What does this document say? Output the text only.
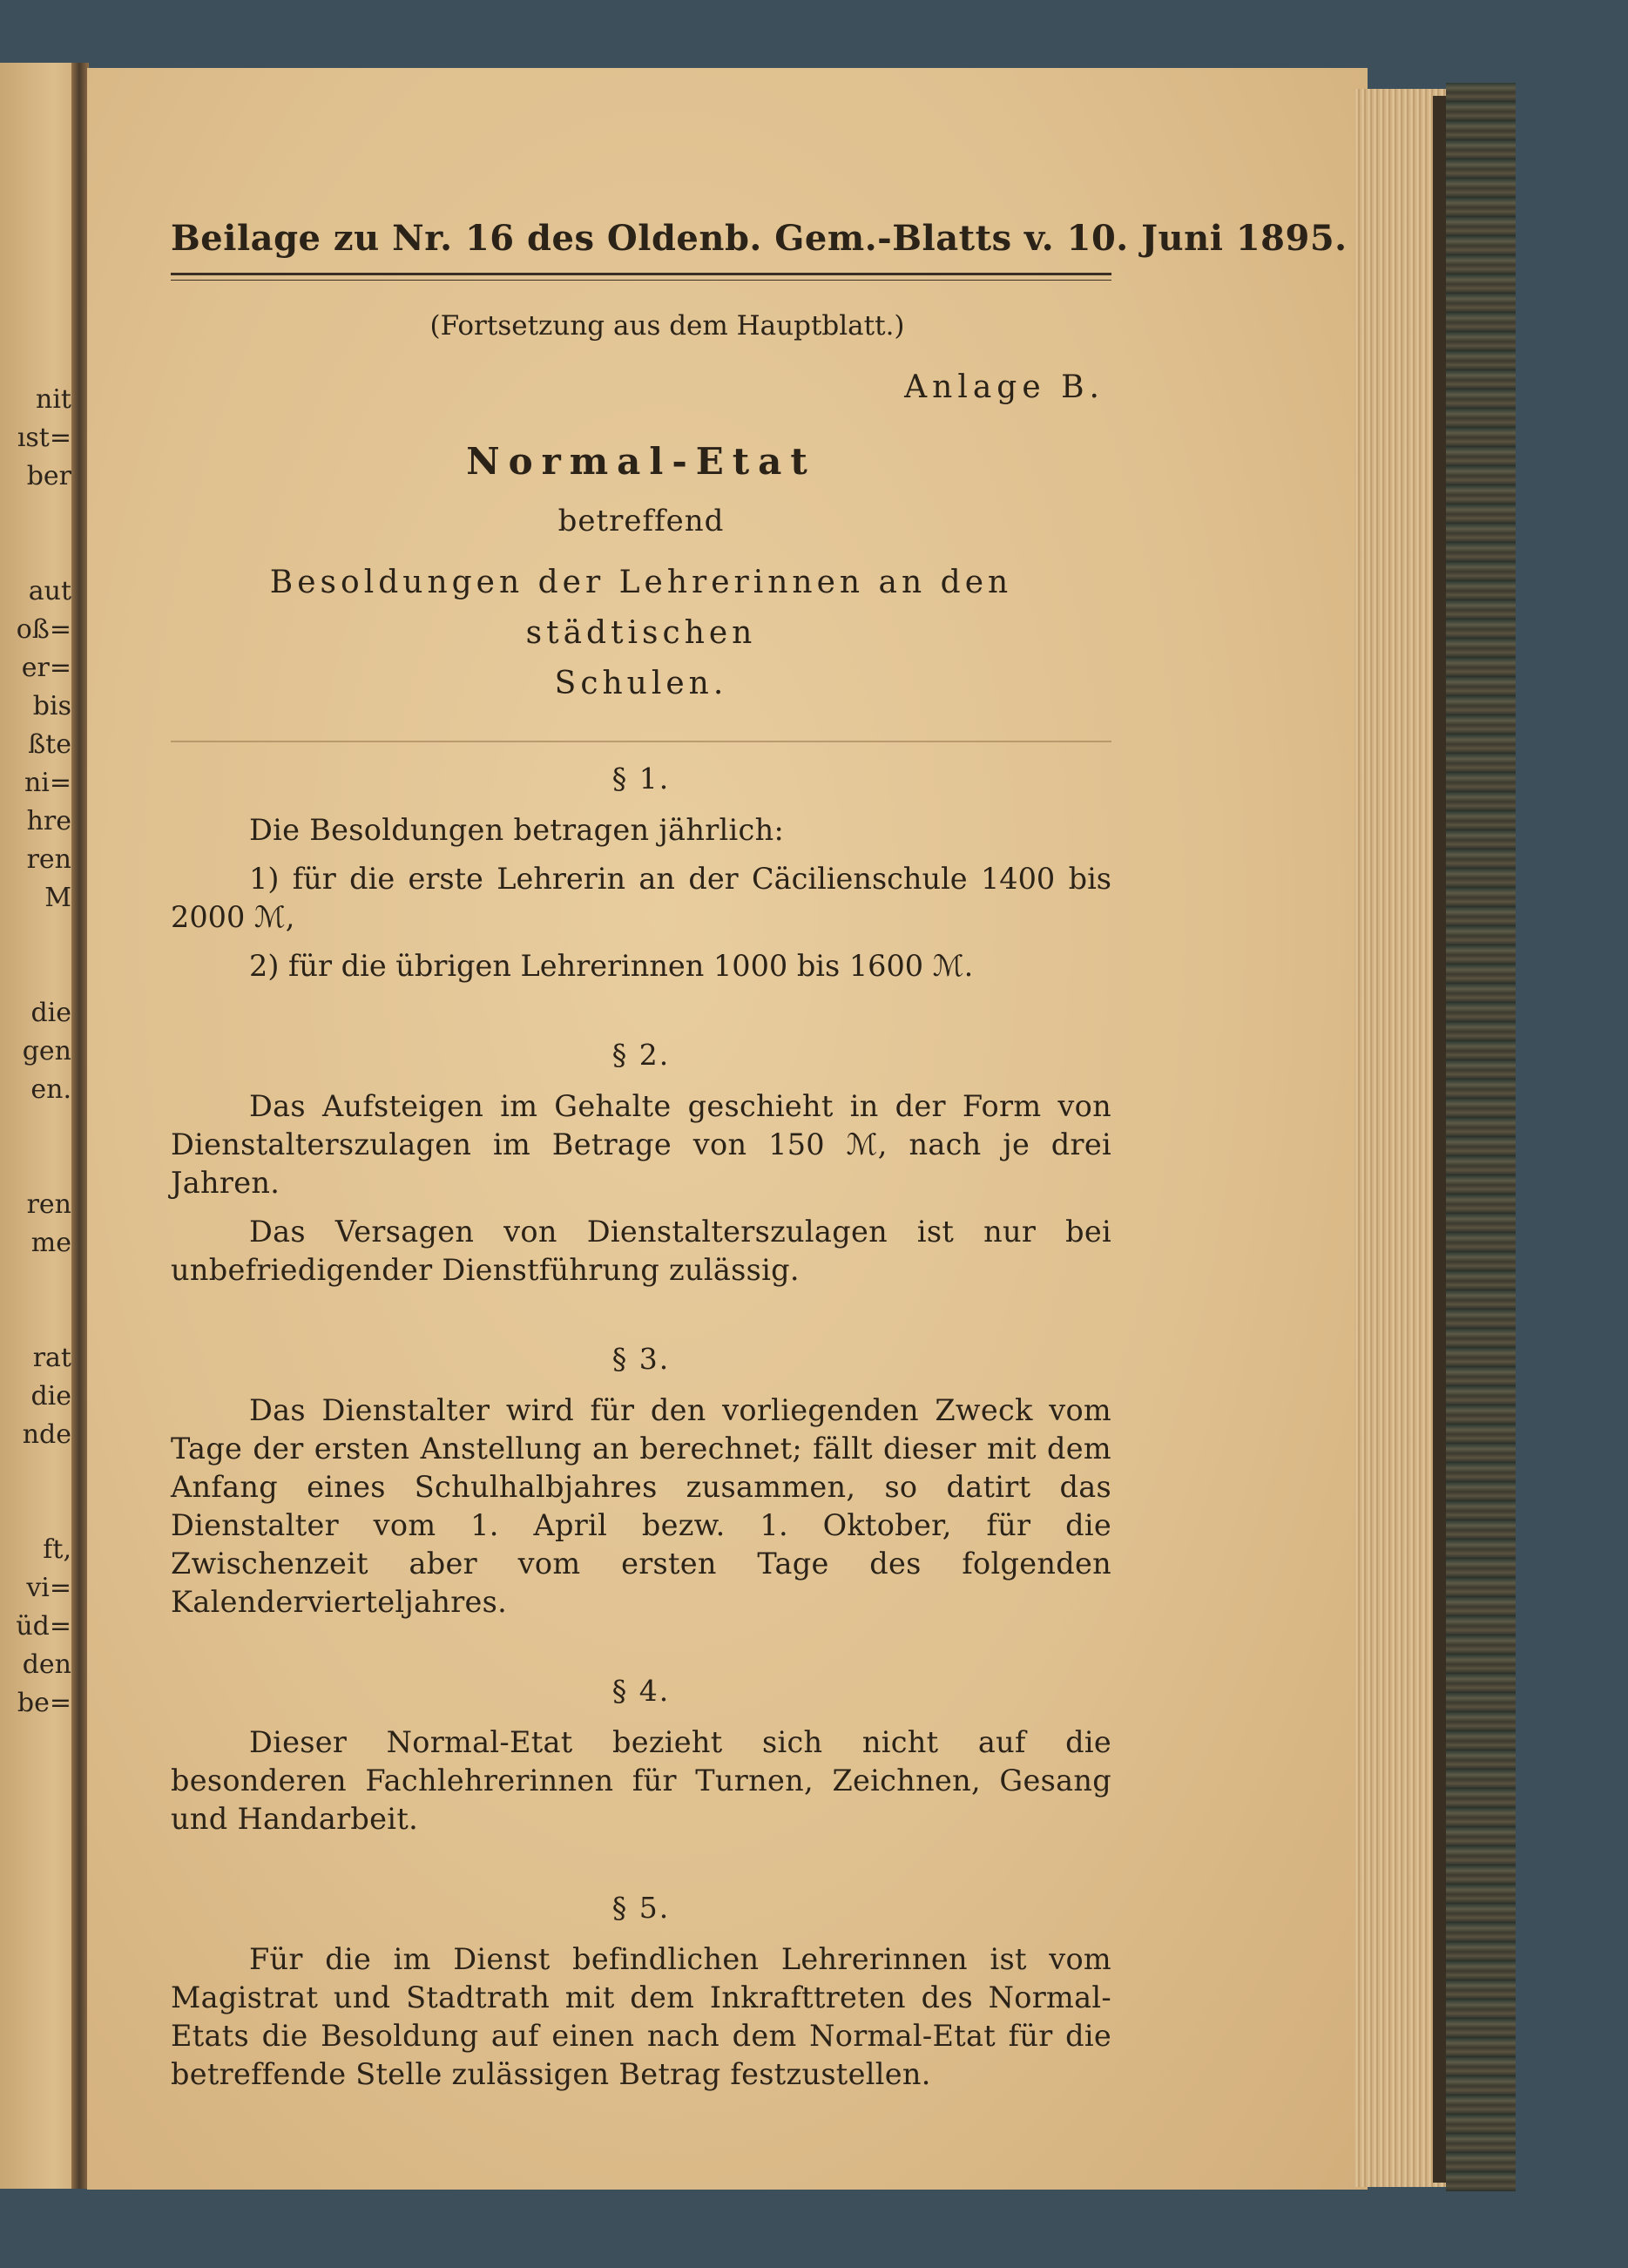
nit
ıst=
ber
aut
oß=
er=
bis
ßte
ni=
hre
ren
M
die
gen
en.
ren
me
rat
die
nde
ft,
vi=
üd=
den
be=
Beilage zu Nr. 16 des Oldenb. Gem.-Blatts v. 10. Juni 1895.
(Fortsetzung aus dem Hauptblatt.)
Anlage B.
Normal-Etat
betreffend
Besoldungen der Lehrerinnen an den städtischen
Schulen.
§ 1.

Die Besoldungen betragen jährlich:

1) für die erste Lehrerin an der Cäcilienschule 1400 bis 2000 ℳ,

2) für die übrigen Lehrerinnen 1000 bis 1600 ℳ.

§ 2.

Das Aufsteigen im Gehalte geschieht in der Form von Dienstalterszulagen im Betrage von 150 ℳ, nach je drei Jahren.

Das Versagen von Dienstalterszulagen ist nur bei unbefriedigender Dienstführung zulässig.

§ 3.

Das Dienstalter wird für den vorliegenden Zweck vom Tage der ersten Anstellung an berechnet; fällt dieser mit dem Anfang eines Schulhalbjahres zusammen, so datirt das Dienstalter vom 1. April bezw. 1. Oktober, für die Zwischenzeit aber vom ersten Tage des folgenden Kalendervierteljahres.

§ 4.

Dieser Normal-Etat bezieht sich nicht auf die besonderen Fachlehrerinnen für Turnen, Zeichnen, Gesang und Handarbeit.

§ 5.

Für die im Dienst befindlichen Lehrerinnen ist vom Magistrat und Stadtrath mit dem Inkrafttreten des Normal-Etats die Besoldung auf einen nach dem Normal-Etat für die betreffende Stelle zulässigen Betrag festzustellen.
